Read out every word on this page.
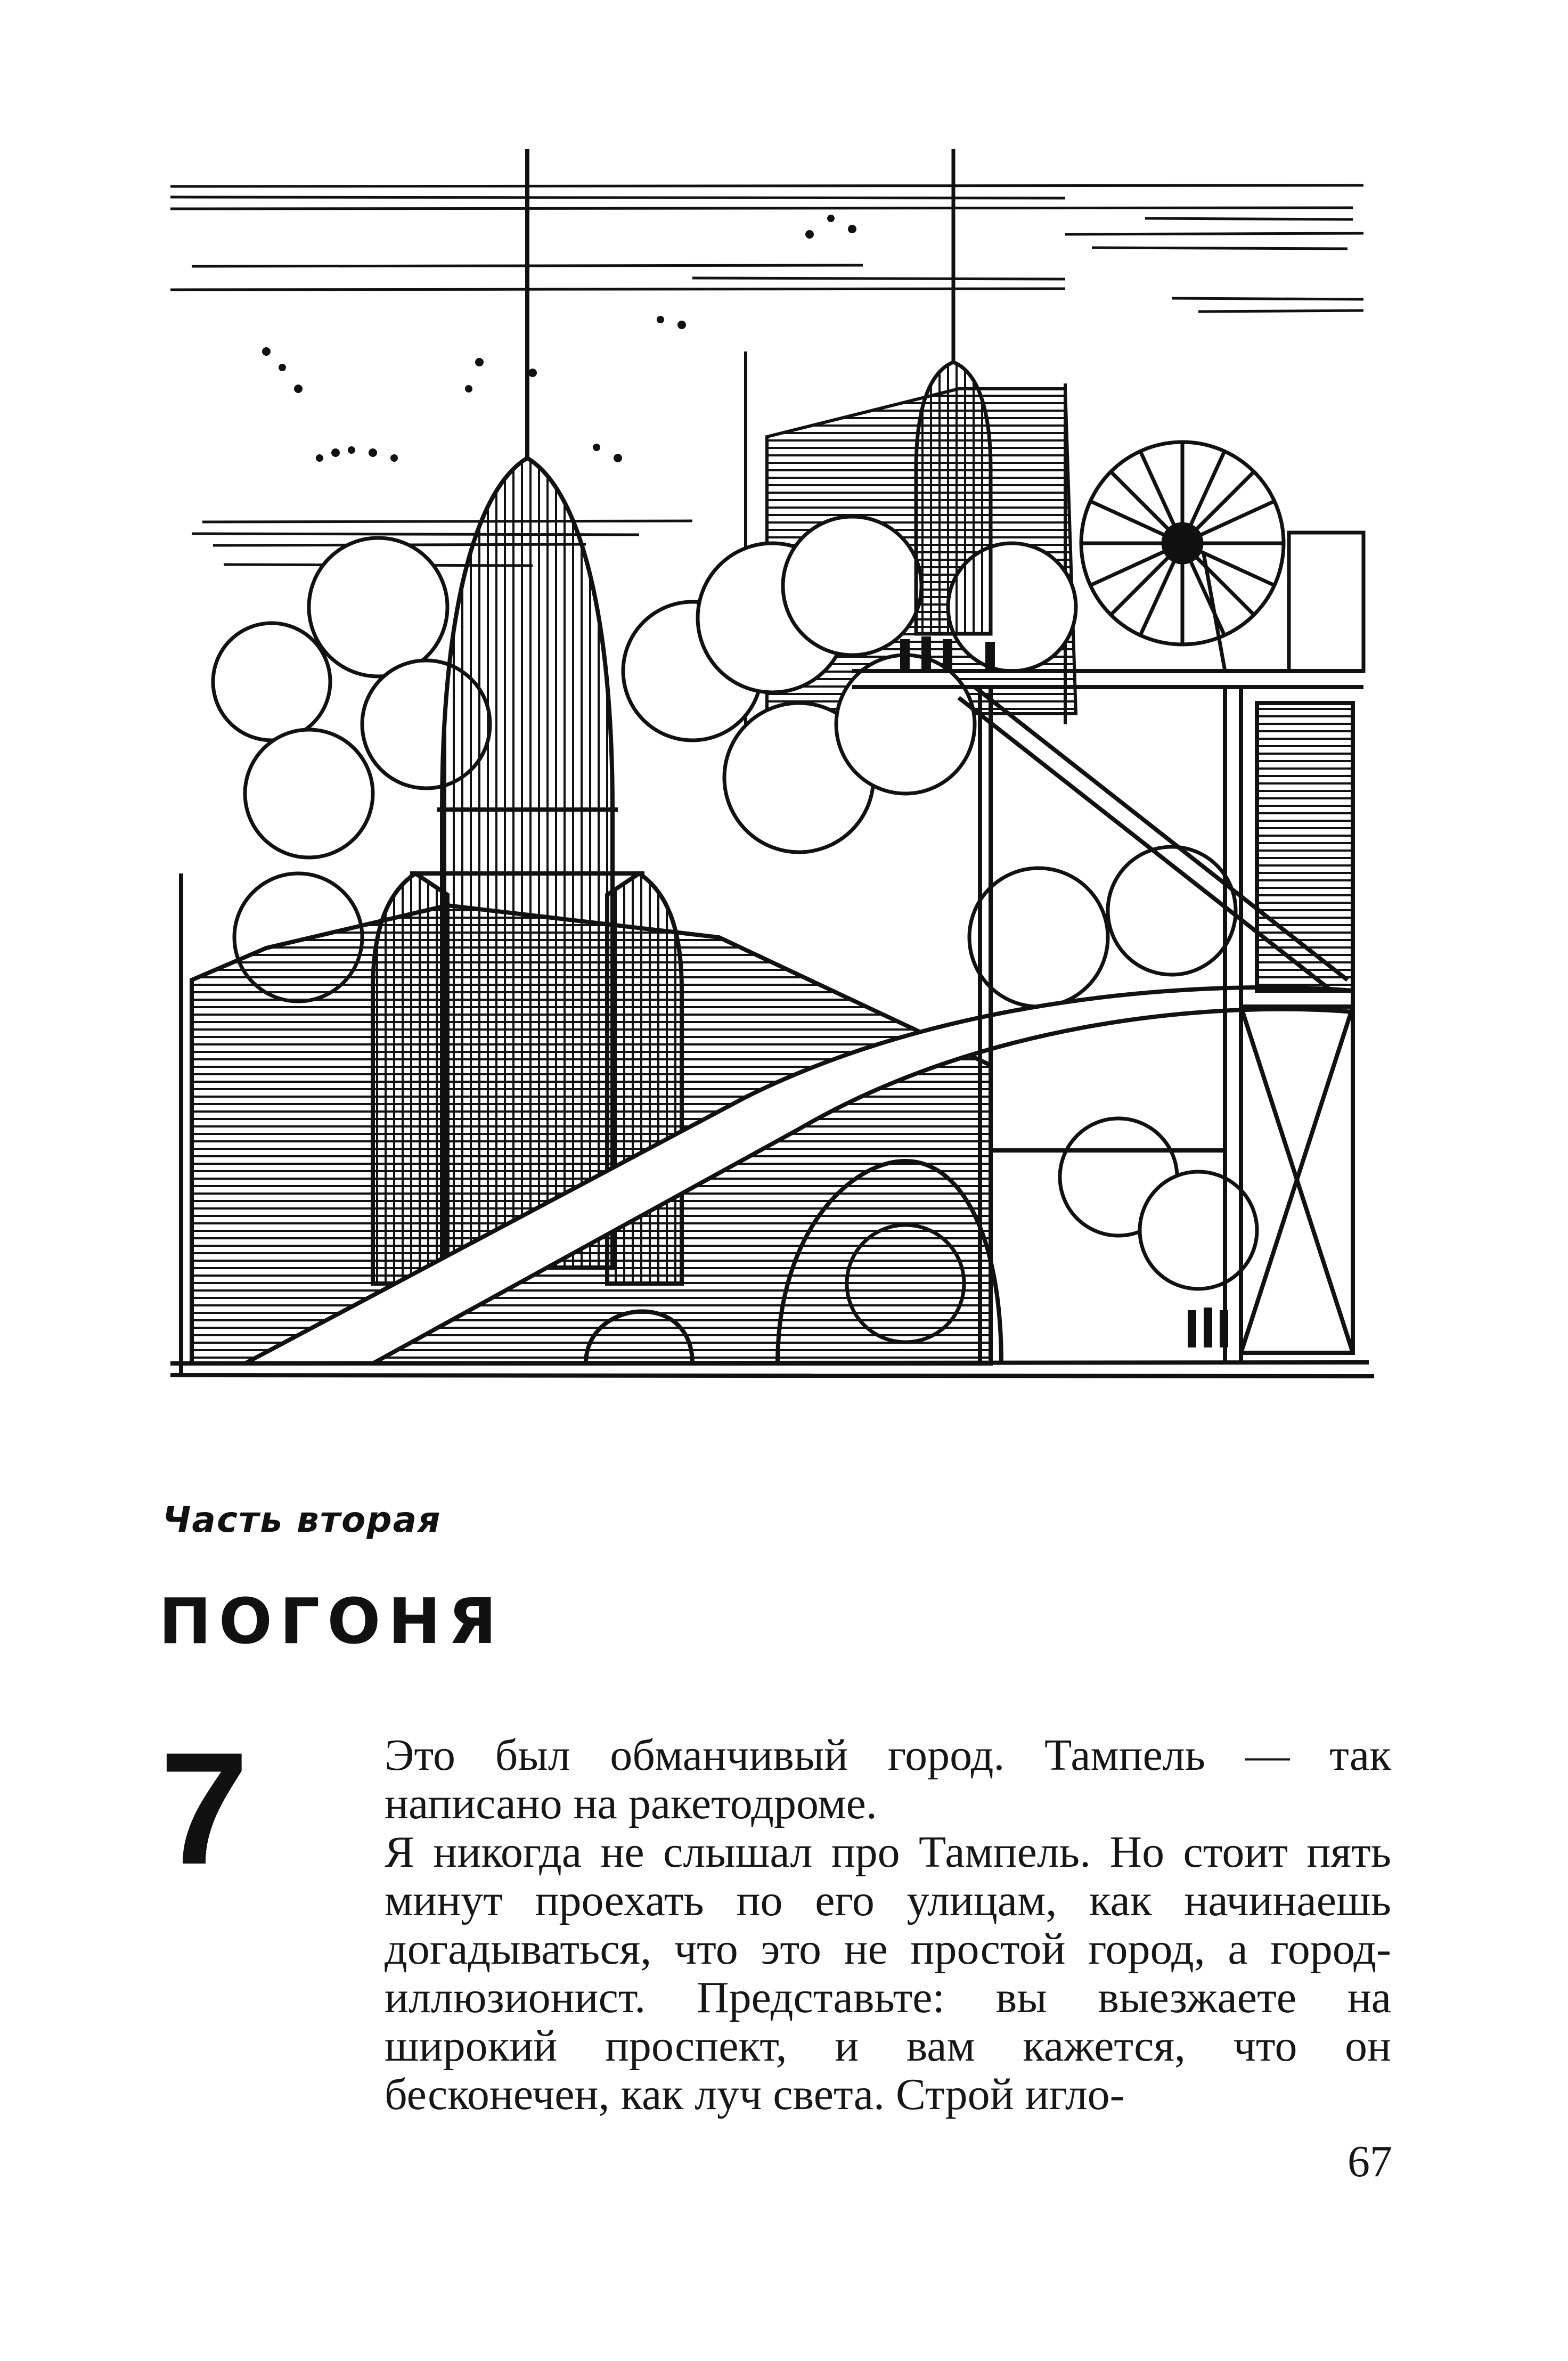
Часть вторая
ПОГОНЯ
7	Это был обманчивый город. Тампель — так написано на ракетодроме.

Я никогда не слышал про Тампель. Но стоит пять минут проехать по его улицам, как начинаешь догадываться, что это не простой город, а город-иллюзионист. Представьте: вы выезжаете на широкий проспект, и вам кажется, что он бесконечен, как луч света. Строй игло-

67
